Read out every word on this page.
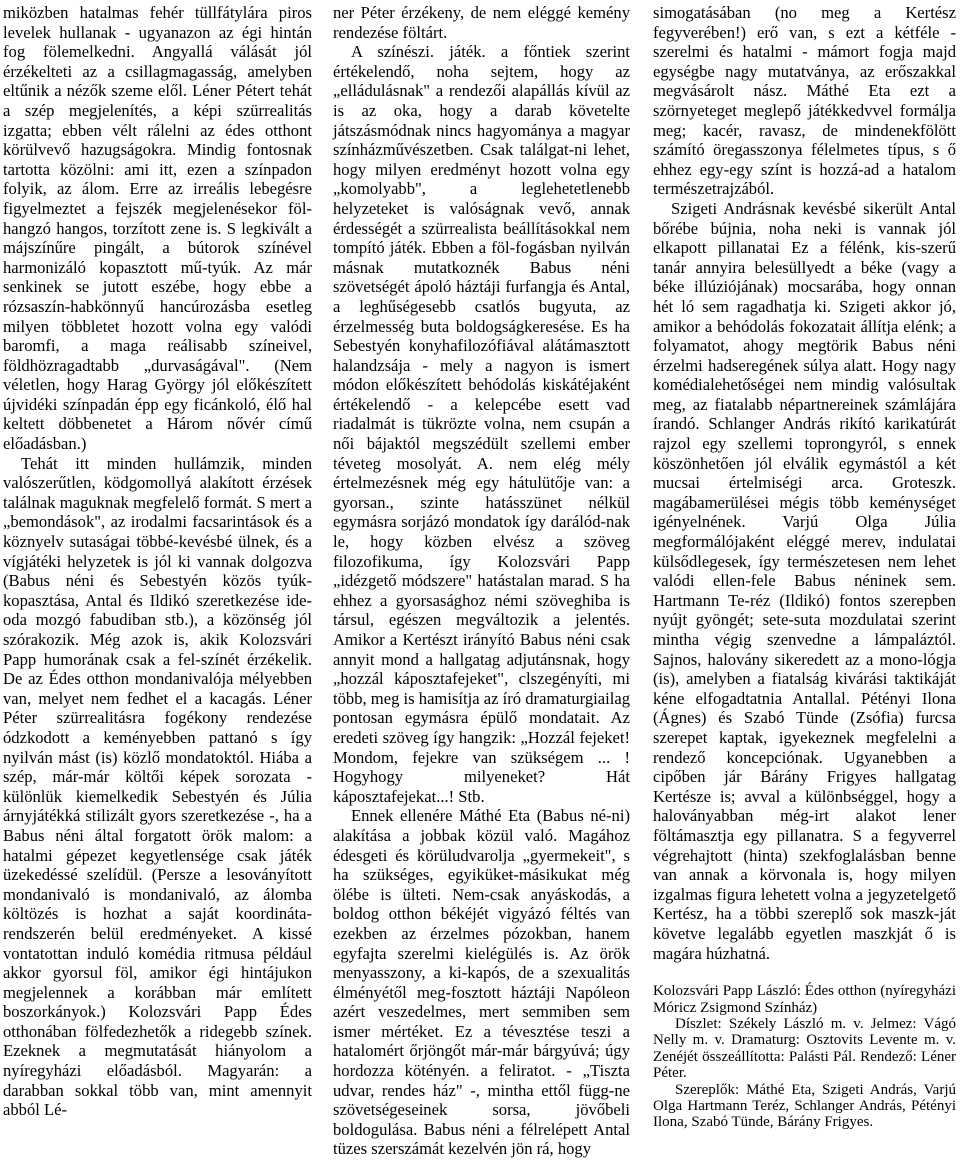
miközben hatalmas fehér tüllfátylára piros levelek hullanak - ugyanazon az égi hintán fog fölemelkedni. Angyallá válását jól érzékelteti az a csillagmagasság, amelyben eltűnik a nézők szeme elől. Léner Pétert tehát a szép megjelenítés, a képi szürrealitás izgatta; ebben vélt rálelni az édes otthont körülvevő hazugságokra. Mindig fontosnak tartotta közölni: ami itt, ezen a színpadon folyik, az álom. Erre az irreális lebegésre figyelmeztet a fejszék megjelenésekor föl-hangzó hangos, torzított zene is. S legkivált a májszínűre pingált, a bútorok színével harmonizáló kopasztott mű-tyúk. Az már senkinek se jutott eszébe, hogy ebbe a rózsaszín-habkönnyű hancúrozásba esetleg milyen többletet hozott volna egy valódi baromfi, a maga reálisabb színeivel, földhözragadtabb „durvaságával". (Nem véletlen, hogy Harag György jól előkészített újvidéki színpadán épp egy ficánkoló, élő hal keltett döbbenetet a Három nővér című előadásban.)

Tehát itt minden hullámzik, minden valószerűtlen, ködgomollyá alakított érzések találnak maguknak megfelelő formát. S mert a „bemondások", az irodalmi facsarintások és a köznyelv sutaságai többé-kevésbé ülnek, és a vígjátéki helyzetek is jól ki vannak dolgozva (Babus néni és Sebestyén közös tyúk-kopasztása, Antal és Ildikó szeretkezése ide-oda mozgó fabudiban stb.), a közönség jól szórakozik. Még azok is, akik Kolozsvári Papp humorának csak a fel-színét érzékelik. De az Édes otthon mondanivalója mélyebben van, melyet nem fedhet el a kacagás. Léner Péter szürrealitásra fogékony rendezése ódzkodott a keményebben pattanó s így nyilván mást (is) közlő mondatoktól. Hiába a szép, már-már költői képek sorozata - különlük kiemelkedik Sebestyén és Júlia árnyjátékká stilizált gyors szeretkezése -, ha a Babus néni által forgatott örök malom: a hatalmi gépezet kegyetlensége csak játék üzekedéssé szelídül. (Persze a lesoványított mondanivaló is mondanivaló, az álomba költözés is hozhat a saját koordináta-rendszerén belül eredményeket. A kissé vontatottan induló komédia ritmusa például akkor gyorsul föl, amikor égi hintájukon megjelennek a korábban már említett boszorkányok.) Kolozsvári Papp Édes otthonában fölfedezhetők a ridegebb színek. Ezeknek a megmutatását hiányolom a nyíregyházi előadásból. Magyarán: a darabban sokkal több van, mint amennyit abból Lé-

ner Péter érzékeny, de nem eléggé kemény rendezése föltárt.

A színészi. játék. a főntiek szerint értékelendő, noha sejtem, hogy az „elládulásnak" a rendezői alapállás kívül az is az oka, hogy a darab követelte játszásmódnak nincs hagyománya a magyar színházművészetben. Csak találgat-ni lehet, hogy milyen eredményt hozott volna egy „komolyabb", a leglehetetlenebb helyzeteket is valóságnak vevő, annak érdességét a szürrealista beállításokkal nem tompító játék. Ebben a föl-fogásban nyilván másnak mutatkoznék Babus néni szövetségét ápoló háztáji furfangja és Antal, a leghűségesebb csatlós bugyuta, az érzelmesség buta boldogságkeresése. Es ha Sebestyén konyhafilozófiával alátámasztott halandzsája - mely a nagyon is ismert módon előkészített behódolás kiskátéjaként értékelendő - a kelepcébe esett vad riadalmát is tükrözte volna, nem csupán a női bájaktól megszédült szellemi ember téveteg mosolyát. A. nem elég mély értelmezésnek még egy hátulütője van: a gyorsan., szinte hatásszünet nélkül egymásra sorjázó mondatok így darálód-nak le, hogy közben elvész a szöveg filozofikuma, így Kolozsvári Papp „idézgető módszere" hatástalan marad. S ha ehhez a gyorsasághoz némi szöveghiba is társul, egészen megváltozik a jelentés. Amikor a Kertészt irányító Babus néni csak annyit mond a hallgatag adjutánsnak, hogy „hozzál káposztafejeket", clszegényíti, mi több, meg is hamisítja az író dramaturgiailag pontosan egymásra épülő mondatait. Az eredeti szöveg így hangzik: „Hozzál fejeket! Mondom, fejekre van szükségem ... ! Hogyhogy milyeneket? Hát káposztafejekat...! Stb.

Ennek ellenére Máthé Eta (Babus né-ni) alakítása a jobbak közül való. Magához édesgeti és körüludvarolja „gyermekeit", s ha szükséges, egyikükeŧ-másikukat még ölébe is ülteti. Nem-csak anyáskodás, a boldog otthon békéjét vigyázó féltés van ezekben az érzelmes pózokban, hanem egyfajta szerelmi kielégülés is. Az örök menyasszony, a ki-kapós, de a szexualitás élményétől meg-fosztott háztáji Napóleon azért veszedelmes, mert semmiben sem ismer mértéket. Ez a tévesztése teszi a hatalomért őrjöngőt már-már bárgyúvá; úgy hordozza kötényén. a feliratot. - „Tiszta udvar, rendes ház" -, mintha ettől függ-ne szövetségeseinek sorsa, jövőbeli boldogulása. Babus néni a félrelépett Antal tüzes szerszámát kezelvén jön rá, hogy

simogatásában (no meg a Kertész fegyverében!) erő van, s ezt a kétféle - szerelmi és hatalmi - mámort fogja majd egységbe nagy mutatványa, az erőszakkal megvásárolt nász. Máthé Eta ezt a szörnyeteget meglepő játékkedvvel formálja meg; kacér, ravasz, de mindenekfölött számító öregasszonya félelmetes típus, s ő ehhez egy-egy színt is hozzá-ad a hatalom természetrajzából.

Szigeti Andrásnak kevésbé sikerült Antal bőrébe bújnia, noha neki is vannak jól elkapott pillanatai Ez a félénk, kis-szerű tanár annyira belesüllyedt a béke (vagy a béke illúziójának) mocsarába, hogy onnan hét ló sem ragadhatja ki. Szigeti akkor jó, amikor a behódolás fokozatait állítja elénk; a folyamatot, ahogy megtörik Babus néni érzelmi hadseregének súlya alatt. Hogy nagy komédialehetőségei nem mindig valósultak meg, az fiatalabb népartnereinek számlájára írandó. Schlanger András rikító karikatúrát rajzol egy szellemi toprongyról, s ennek köszönhetően jól elválik egymástól a két mucsai értelmiségi arca. Groteszk. magábamerülései mégis több keménységet igényelnének. Varjú Olga Júlia megformálójaként eléggé merev, indulatai külsődlegesek, így természetesen nem lehet valódi ellen-fele Babus néninek sem. Hartmann Te-réz (Ildikó) fontos szerepben nyújt gyöngét; sete-suta mozdulatai szerint mintha végig szenvedne a lámpaláztól. Sajnos, halovány sikeredett az a mono-lógja (is), amelyben a fiatalság kivárási taktikáját kéne elfogadtatnia Antallal. Pétényi Ilona (Ágnes) és Szabó Tünde (Zsófia) furcsa szerepet kaptak, igyekeznek megfelelni a rendező koncepciónak. Ugyanebben a cipőben jár Bárány Frigyes hallgatag Kertésze is; avval a különbséggel, hogy a haloványabban még-irt alakot lener föltámasztja egy pillanatra. S a fegyverrel végrehajtott (hinta) szekfoglalásban benne van annak a körvonala is, hogy milyen izgalmas figura lehetett volna a jegyzetelgető Kertész, ha a többi szereplő sok maszk-ját követve legalább egyetlen maszkját ő is magára húzhatná.

Kolozsvári Papp László: Édes otthon (nyíregyházi Móricz Zsigmond Színház)

Díszlet: Székely László m. v. Jelmez: Vágó Nelly m. v. Dramaturg: Osztovits Levente m. v. Zenéjét összeállította: Palásti Pál. Rendező: Léner Péter.

Szereplők: Máthé Eta, Szigeti András, Varjú Olga Hartmann Teréz, Schlanger András, Pétényi Ilona, Szabó Tünde, Bárány Frigyes.
